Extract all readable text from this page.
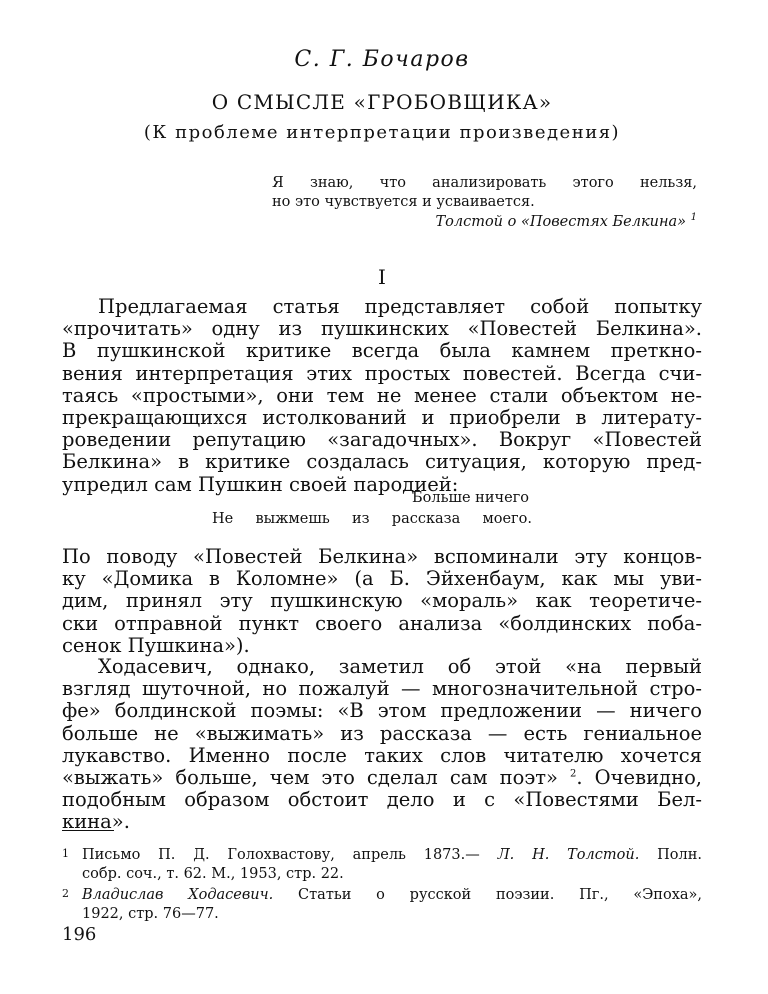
С. Г. Бочаров
О СМЫСЛЕ «ГРОБОВЩИКА»
(К проблеме интерпретации произведения)
Я знаю, что анализировать этого нельзя,
но это чувствуется и усваивается.
Толстой о «Повестях Белкина» $^1$
I
Предлагаемая статья представляет собой попытку
«прочитать» одну из пушкинских «Повестей Белкина».
В пушкинской критике всегда была камнем преткно-
вения интерпретация этих простых повестей. Всегда счи-
таясь «простыми», они тем не менее стали объектом не-
прекращающихся истолкований и приобрели в литерату-
роведении репутацию «загадочных». Вокруг «Повестей
Белкина» в критике создалась ситуация, которую пред-
упредил сам Пушкин своей пародией:
Больше ничего
Не выжмешь из рассказа моего.
По поводу «Повестей Белкина» вспоминали эту концов-
ку «Домика в Коломне» (а Б. Эйхенбаум, как мы уви-
дим, принял эту пушкинскую «мораль» как теоретиче-
ски отправной пункт своего анализа «болдинских поба-
сенок Пушкина»).
Ходасевич, однако, заметил об этой «на первый
взгляд шуточной, но пожалуй — многозначительной стро-
фе» болдинской поэмы: «В этом предложении — ничего
больше не «выжимать» из рассказа — есть гениальное
лукавство. Именно после таких слов читателю хочется
«выжать» больше, чем это сделал сам поэт» $^2$. Очевидно,
подобным образом обстоит дело и с «Повестями Бел-
кина».
1 Письмо П. Д. Голохвастову, апрель 1873.— Л. Н. Толстой. Полн.
собр. соч., т. 62. М., 1953, стр. 22.
2 Владислав Ходасевич. Статьи о русской поэзии. Пг., «Эпоха»,
1922, стр. 76—77.
196
